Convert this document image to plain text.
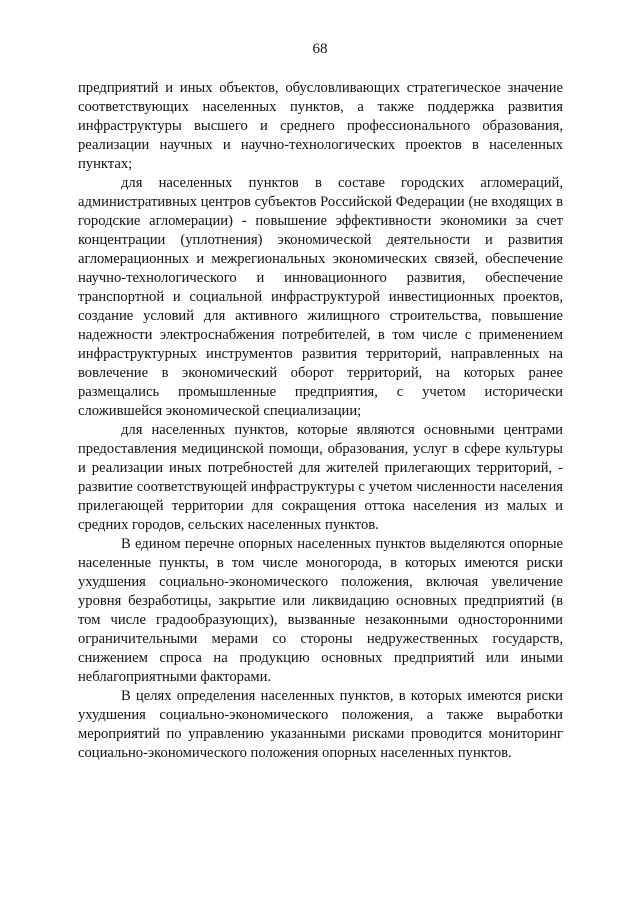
68

предприятий и иных объектов, обусловливающих стратегическое значение соответствующих населенных пунктов, а также поддержка развития инфраструктуры высшего и среднего профессионального образования, реализации научных и научно-технологических проектов в населенных пунктах;

для населенных пунктов в составе городских агломераций, административных центров субъектов Российской Федерации (не входящих в городские агломерации) - повышение эффективности экономики за счет концентрации (уплотнения) экономической деятельности и развития агломерационных и межрегиональных экономических связей, обеспечение научно-технологического и инновационного развития, обеспечение транспортной и социальной инфраструктурой инвестиционных проектов, создание условий для активного жилищного строительства, повышение надежности электроснабжения потребителей, в том числе с применением инфраструктурных инструментов развития территорий, направленных на вовлечение в экономический оборот территорий, на которых ранее размещались промышленные предприятия, с учетом исторически сложившейся экономической специализации;

для населенных пунктов, которые являются основными центрами предоставления медицинской помощи, образования, услуг в сфере культуры и реализации иных потребностей для жителей прилегающих территорий, - развитие соответствующей инфраструктуры с учетом численности населения прилегающей территории для сокращения оттока населения из малых и средних городов, сельских населенных пунктов.

В едином перечне опорных населенных пунктов выделяются опорные населенные пункты, в том числе моногорода, в которых имеются риски ухудшения социально-экономического положения, включая увеличение уровня безработицы, закрытие или ликвидацию основных предприятий (в том числе градообразующих), вызванные незаконными односторонними ограничительными мерами со стороны недружественных государств, снижением спроса на продукцию основных предприятий или иными неблагоприятными факторами.

В целях определения населенных пунктов, в которых имеются риски ухудшения социально-экономического положения, а также выработки мероприятий по управлению указанными рисками проводится мониторинг социально-экономического положения опорных населенных пунктов.
